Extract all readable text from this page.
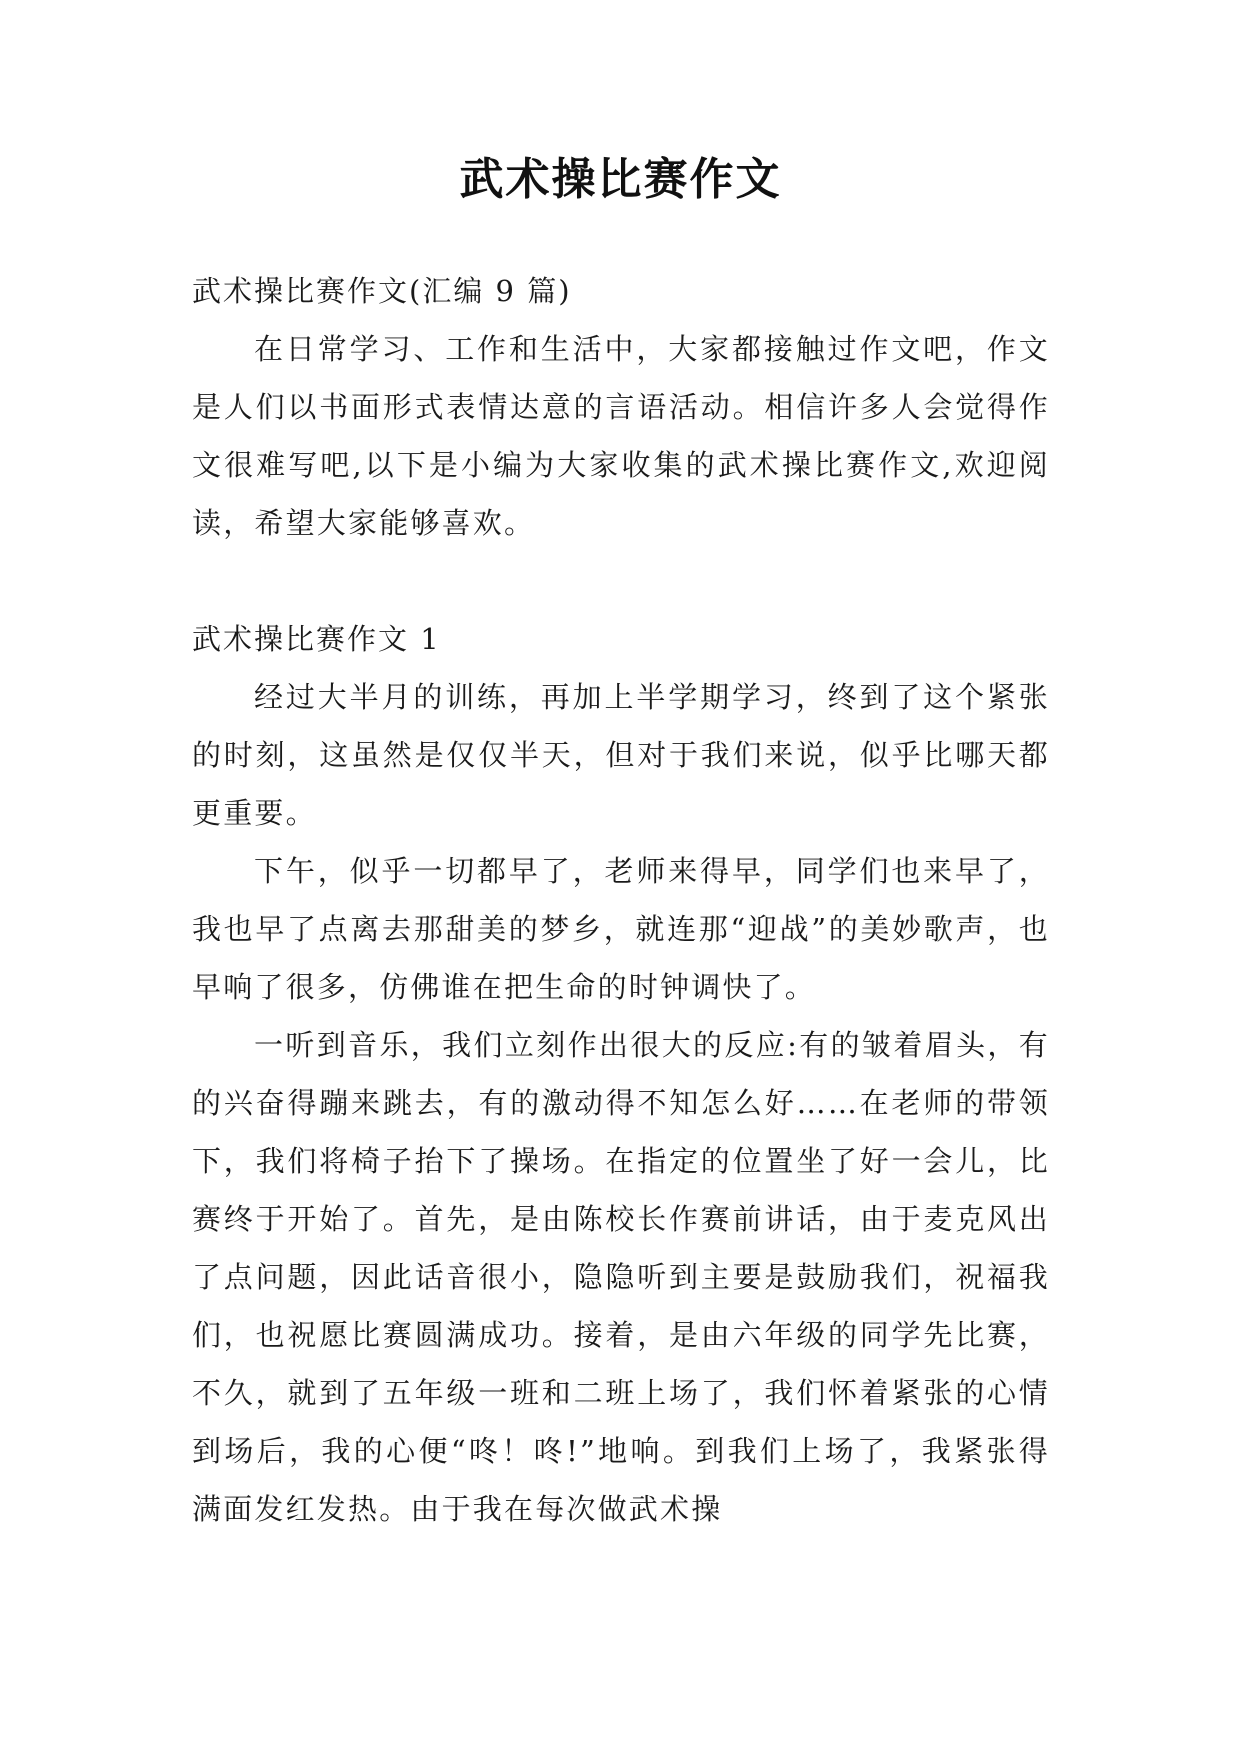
武术操比赛作文
武术操比赛作文(汇编 9 篇)

在日常学习、工作和生活中，大家都接触过作文吧，作文是人们以书面形式表情达意的言语活动。相信许多人会觉得作文很难写吧,以下是小编为大家收集的武术操比赛作文,欢迎阅读，希望大家能够喜欢。

武术操比赛作文 1

经过大半月的训练，再加上半学期学习，终到了这个紧张的时刻，这虽然是仅仅半天，但对于我们来说，似乎比哪天都更重要。

下午，似乎一切都早了，老师来得早，同学们也来早了，我也早了点离去那甜美的梦乡，就连那“迎战”的美妙歌声，也早响了很多，仿佛谁在把生命的时钟调快了。

一听到音乐，我们立刻作出很大的反应:有的皱着眉头，有的兴奋得蹦来跳去，有的激动得不知怎么好……在老师的带领下，我们将椅子抬下了操场。在指定的位置坐了好一会儿，比赛终于开始了。首先，是由陈校长作赛前讲话，由于麦克风出了点问题，因此话音很小，隐隐听到主要是鼓励我们，祝福我们，也祝愿比赛圆满成功。接着，是由六年级的同学先比赛，不久，就到了五年级一班和二班上场了，我们怀着紧张的心情到场后，我的心便“咚！咚!”地响。到我们上场了，我紧张得满面发红发热。由于我在每次做武术操
